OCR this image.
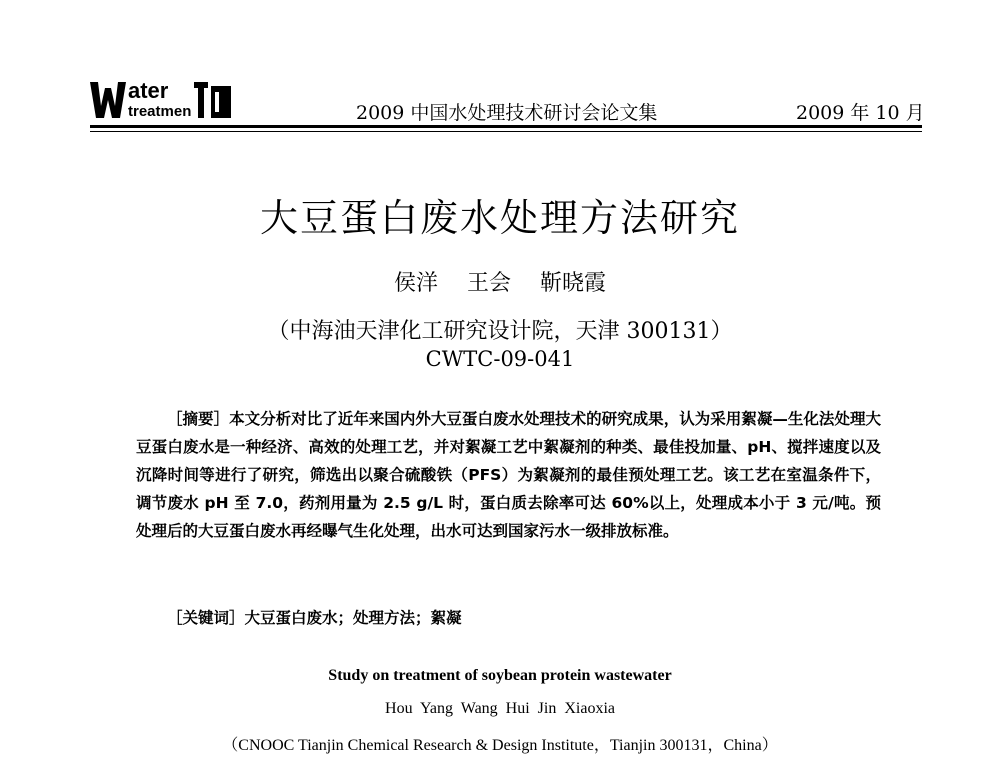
ater
treatmen	2009 中国水处理技术研讨会论文集	2009 年 10 月
大豆蛋白废水处理方法研究
侯洋 王会 靳晓霞
（中海油天津化工研究设计院，天津 300131）
CWTC-09-041

［摘要］本文分析对比了近年来国内外大豆蛋白废水处理技术的研究成果，认为采用絮凝—生化法处理大豆蛋白废水是一种经济、高效的处理工艺，并对絮凝工艺中絮凝剂的种类、最佳投加量、pH、搅拌速度以及沉降时间等进行了研究，筛选出以聚合硫酸铁（PFS）为絮凝剂的最佳预处理工艺。该工艺在室温条件下，调节废水 pH 至 7.0，药剂用量为 2.5 g/L 时，蛋白质去除率可达 60%以上，处理成本小于 3 元/吨。预处理后的大豆蛋白废水再经曝气生化处理，出水可达到国家污水一级排放标准。

［关键词］大豆蛋白废水；处理方法；絮凝
Study on treatment of soybean protein wastewater
Hou Yang Wang Hui Jin Xiaoxia
（CNOOC Tianjin Chemical Research & Design Institute，Tianjin 300131，China）
